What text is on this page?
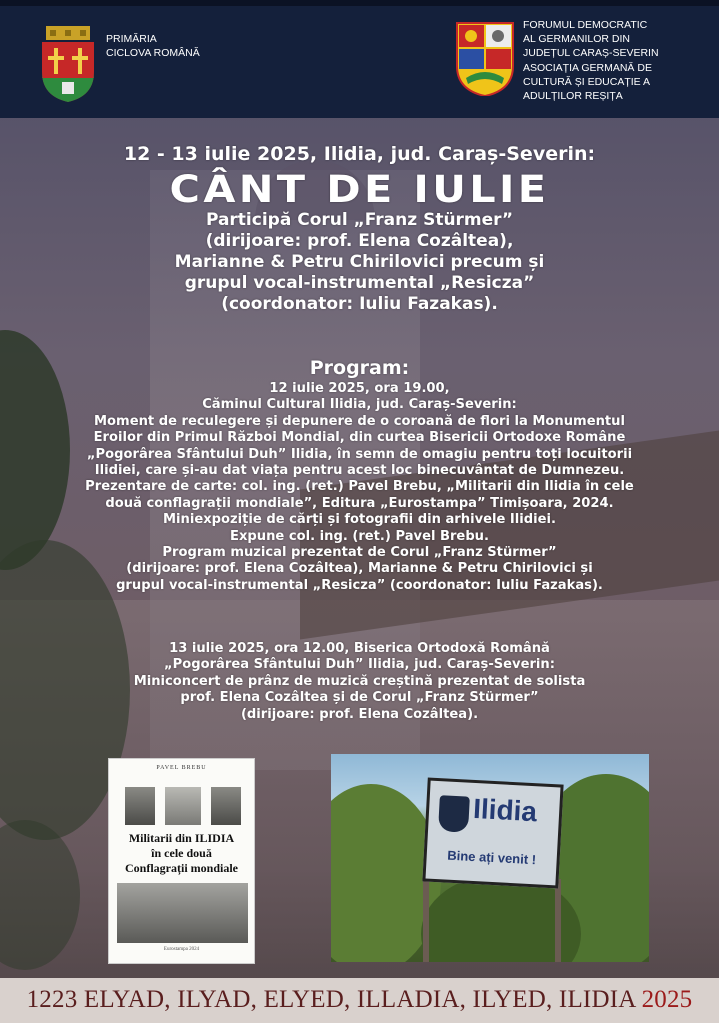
PRIMĂRIA
CICLOVA ROMÂNĂ
FORUMUL DEMOCRATIC
AL GERMANILOR DIN
JUDEȚUL CARAȘ-SEVERIN
ASOCIAȚIA GERMANĂ DE
CULTURĂ ȘI EDUCAȚIE A
ADULȚILOR REȘIȚA
12 - 13 iulie 2025, Ilidia, jud. Caraș-Severin:
CÂNT DE IULIE
Participă Corul „Franz Stürmer”
(dirijoare: prof. Elena Cozâltea),
Marianne & Petru Chirilovici precum și
grupul vocal-instrumental „Resicza”
(coordonator: Iuliu Fazakas).
Program:
12 iulie 2025, ora 19.00,
Căminul Cultural Ilidia, jud. Caraș-Severin:
Moment de reculegere și depunere de o coroană de flori la Monumentul
Eroilor din Primul Război Mondial, din curtea Bisericii Ortodoxe Române
„Pogorârea Sfântului Duh” Ilidia, în semn de omagiu pentru toți locuitorii
Ilidiei, care și-au dat viața pentru acest loc binecuvântat de Dumnezeu.
Prezentare de carte: col. ing. (ret.) Pavel Brebu, „Militarii din Ilidia în cele
două conflagrații mondiale”, Editura „Eurostampa” Timișoara, 2024.
Miniexpoziție de cărți și fotografii din arhivele Ilidiei.
Expune col. ing. (ret.) Pavel Brebu.
Program muzical prezentat de Corul „Franz Stürmer”
(dirijoare: prof. Elena Cozâltea), Marianne & Petru Chirilovici și
grupul vocal-instrumental „Resicza” (coordonator: Iuliu Fazakas).
13 iulie 2025, ora 12.00, Biserica Ortodoxă Română
„Pogorârea Sfântului Duh” Ilidia, jud. Caraș-Severin:
Miniconcert de prânz de muzică creștină prezentat de solista
prof. Elena Cozâltea și de Corul „Franz Stürmer”
(dirijoare: prof. Elena Cozâltea).
PAVEL BREBU
Militarii din ILIDIA
în cele două
Conflagrații mondiale
Eurostampa 2024
Ilidia
Bine ați venit !
1223 ELYAD, ILYAD, ELYED, ILLADIA, ILYED, ILIDIA 2025
